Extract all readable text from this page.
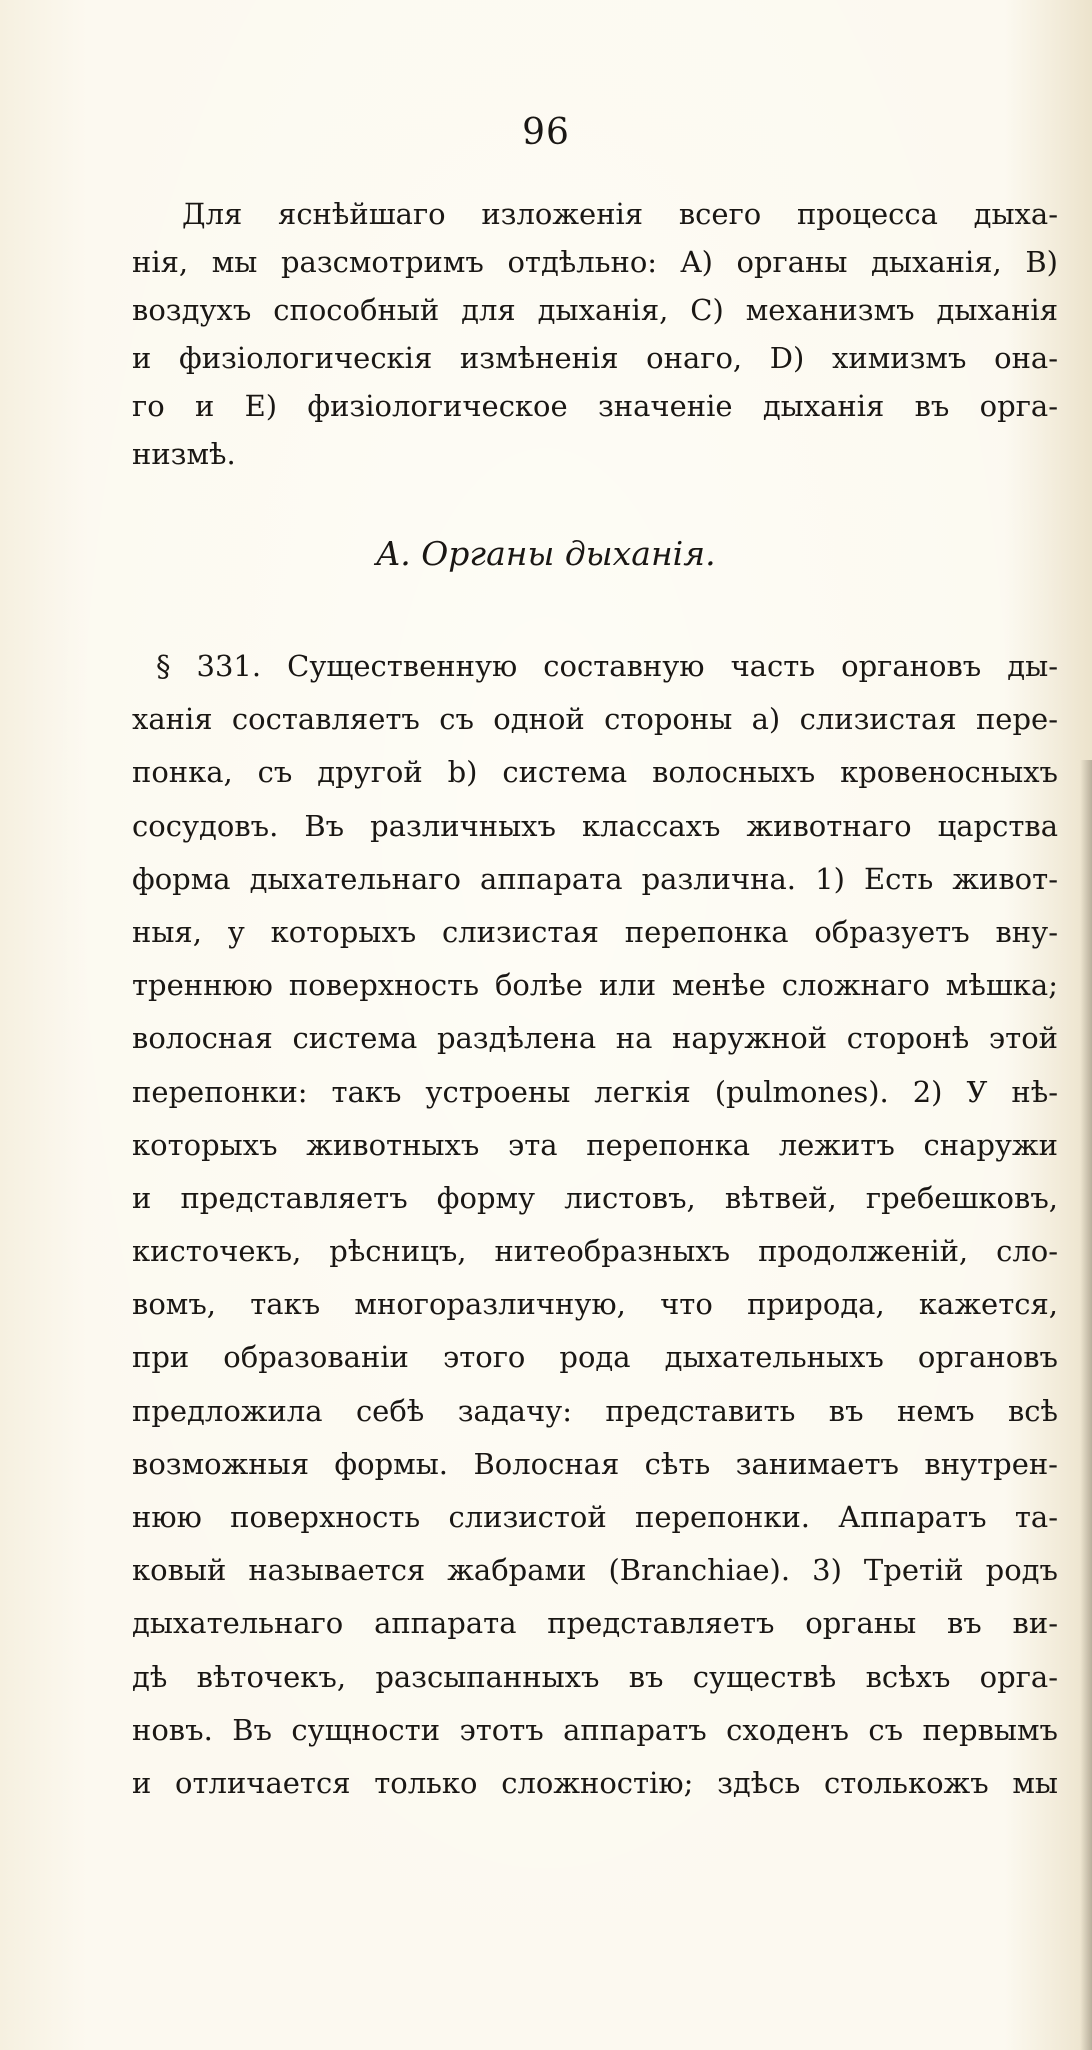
96
Для яснѣйшаго изложенія всего процесса дыха-
нія, мы разсмотримъ отдѣльно: A) органы дыханія, B)
воздухъ способный для дыханія, C) механизмъ дыханія
и физіологическія измѣненія онаго, D) химизмъ она-
го и E) физіологическое значеніе дыханія въ орга-
низмѣ.
A. Органы дыханія.
§ 331. Существенную составную часть органовъ ды-
ханія составляетъ съ одной стороны a) слизистая пере-
понка, съ другой b) система волосныхъ кровеносныхъ
сосудовъ. Въ различныхъ классахъ животнаго царства
форма дыхательнаго аппарата различна. 1) Есть живот-
ныя, у которыхъ слизистая перепонка образуетъ вну-
треннюю поверхность болѣе или менѣе сложнаго мѣшка;
волосная система раздѣлена на наружной сторонѣ этой
перепонки: такъ устроены легкія (pulmones). 2) У нѣ-
которыхъ животныхъ эта перепонка лежитъ снаружи
и представляетъ форму листовъ, вѣтвей, гребешковъ,
кисточекъ, рѣсницъ, нитеобразныхъ продолженій, сло-
вомъ, такъ многоразличную, что природа, кажется,
при образованіи этого рода дыхательныхъ органовъ
предложила себѣ задачу: представить въ немъ всѣ
возможныя формы. Волосная сѣть занимаетъ внутрен-
нюю поверхность слизистой перепонки. Аппаратъ та-
ковый называется жабрами (Branchiae). 3) Третій родъ
дыхательнаго аппарата представляетъ органы въ ви-
дѣ вѣточекъ, разсыпанныхъ въ существѣ всѣхъ орга-
новъ. Въ сущности этотъ аппаратъ сходенъ съ первымъ
и отличается только сложностію; здѣсь столькожъ мы
